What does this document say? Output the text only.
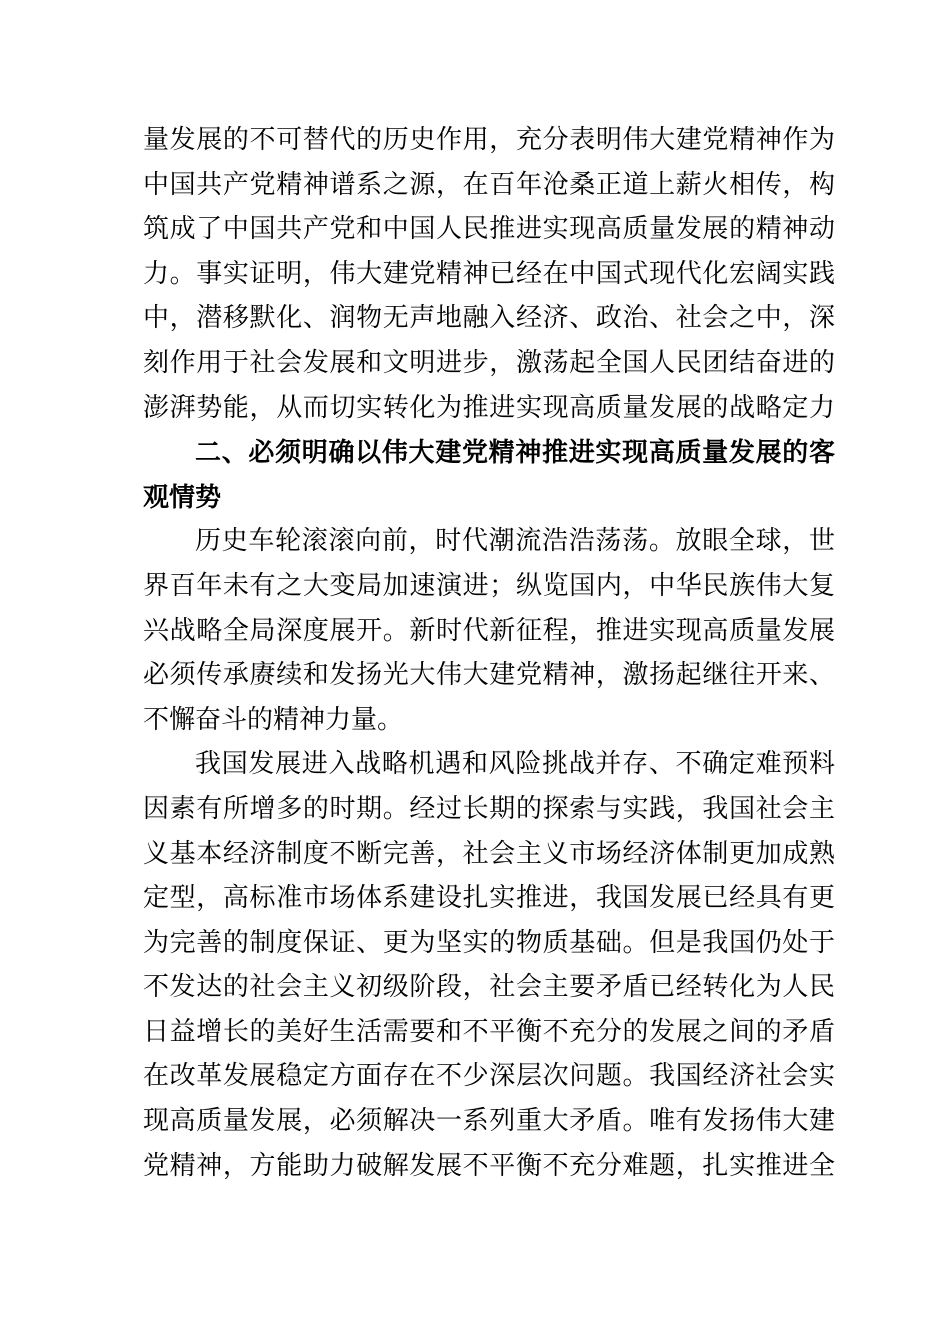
量发展的不可替代的历史作用，充分表明伟大建党精神作为
中国共产党精神谱系之源，在百年沧桑正道上薪火相传，构
筑成了中国共产党和中国人民推进实现高质量发展的精神动
力。事实证明，伟大建党精神已经在中国式现代化宏阔实践
中，潜移默化、润物无声地融入经济、政治、社会之中，深
刻作用于社会发展和文明进步，激荡起全国人民团结奋进的
澎湃势能，从而切实转化为推进实现高质量发展的战略定力
二、必须明确以伟大建党精神推进实现高质量发展的客
观情势
历史车轮滚滚向前，时代潮流浩浩荡荡。放眼全球，世
界百年未有之大变局加速演进；纵览国内，中华民族伟大复
兴战略全局深度展开。新时代新征程，推进实现高质量发展
必须传承赓续和发扬光大伟大建党精神，激扬起继往开来、
不懈奋斗的精神力量。
我国发展进入战略机遇和风险挑战并存、不确定难预料
因素有所增多的时期。经过长期的探索与实践，我国社会主
义基本经济制度不断完善，社会主义市场经济体制更加成熟
定型，高标准市场体系建设扎实推进，我国发展已经具有更
为完善的制度保证、更为坚实的物质基础。但是我国仍处于
不发达的社会主义初级阶段，社会主要矛盾已经转化为人民
日益增长的美好生活需要和不平衡不充分的发展之间的矛盾
在改革发展稳定方面存在不少深层次问题。我国经济社会实
现高质量发展，必须解决一系列重大矛盾。唯有发扬伟大建
党精神，方能助力破解发展不平衡不充分难题，扎实推进全
